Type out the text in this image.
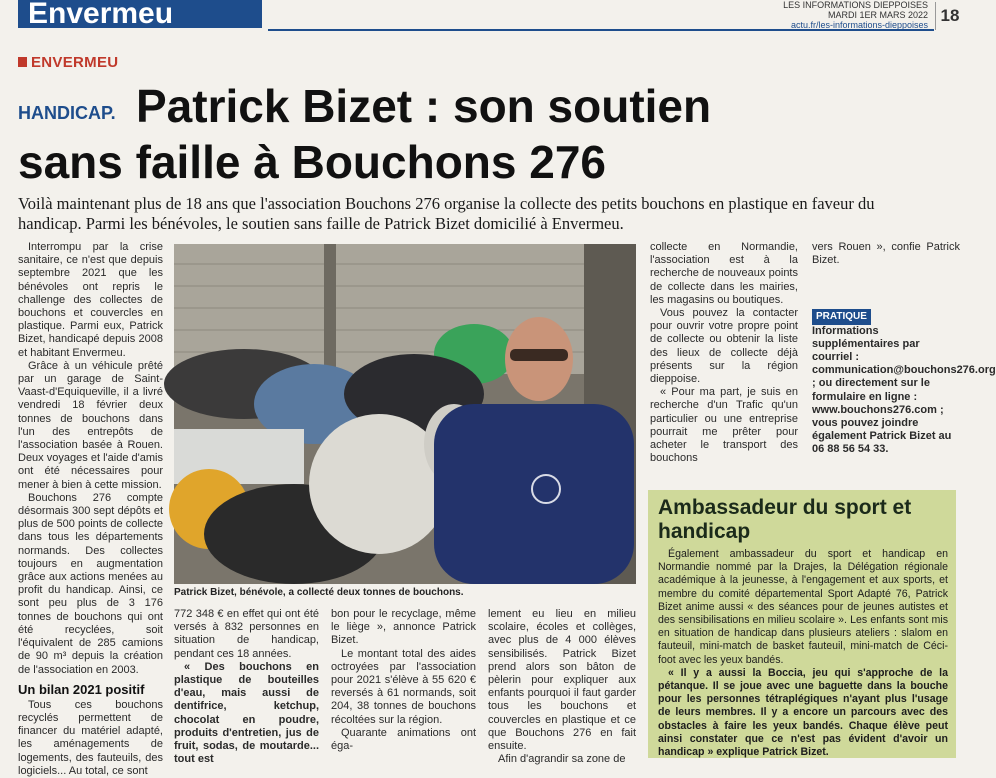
Envermeu	LES INFORMATIONS DIEPPOISES
MARDI 1ER MARS 2022
actu.fr/les-informations-dieppoises 18
ENVERMEU
HANDICAP. Patrick Bizet : son soutien
sans faille à Bouchons 276
Voilà maintenant plus de 18 ans que l'association Bouchons 276 organise la collecte des petits bouchons en plastique en faveur du handicap. Parmi les bénévoles, le soutien sans faille de Patrick Bizet domicilié à Envermeu.

Interrompu par la crise sanitaire, ce n'est que depuis septembre 2021 que les bénévoles ont repris le challenge des collectes de bouchons et couvercles en plastique. Parmi eux, Patrick Bizet, handicapé depuis 2008 et habitant Envermeu.

Grâce à un véhicule prêté par un garage de Saint-Vaast-d'Equiqueville, il a livré vendredi 18 février deux tonnes de bouchons dans l'un des entrepôts de l'association basée à Rouen. Deux voyages et l'aide d'amis ont été nécessaires pour mener à bien à cette mission.

Bouchons 276 compte désormais 300 sept dépôts et plus de 500 points de collecte dans tous les départements normands. Des collectes toujours en augmentation grâce aux actions menées au profit du handicap. Ainsi, ce sont peu plus de 3 176 tonnes de bouchons qui ont été recyclées, soit l'équivalent de 285 camions de 90 m³ depuis la création de l'association en 2003.

Un bilan 2021 positif

Tous ces bouchons recyclés permettent de financer du matériel adapté, les aménagements de logements, des fauteuils, des logiciels... Au total, ce sont

Patrick Bizet, bénévole, a collecté deux tonnes de bouchons.

772 348 € en effet qui ont été versés à 832 personnes en situation de handicap, pendant ces 18 années.

« Des bouchons en plastique de bouteilles d'eau, mais aussi de dentifrice, ketchup, chocolat en poudre, produits d'entretien, jus de fruit, sodas, de moutarde... tout est

bon pour le recyclage, même le liège », annonce Patrick Bizet.

Le montant total des aides octroyées par l'association pour 2021 s'élève à 55 620 € reversés à 61 normands, soit 204, 38 tonnes de bouchons récoltées sur la région.

Quarante animations ont éga-

lement eu lieu en milieu scolaire, écoles et collèges, avec plus de 4 000 élèves sensibilisés. Patrick Bizet prend alors son bâton de pèlerin pour expliquer aux enfants pourquoi il faut garder tous les bouchons et couvercles en plastique et ce que Bouchons 276 en fait ensuite.

Afin d'agrandir sa zone de

collecte en Normandie, l'association est à la recherche de nouveaux points de collecte dans les mairies, les magasins ou boutiques.

Vous pouvez la contacter pour ouvrir votre propre point de collecte ou obtenir la liste des lieux de collecte déjà présents sur la région dieppoise.

« Pour ma part, je suis en recherche d'un Trafic qu'un particulier ou une entreprise pourrait me prêter pour acheter le transport des bouchons

vers Rouen », confie Patrick Bizet.

PRATIQUE

Informations supplémentaires par courriel : communication@bouchons276.org ; ou directement sur le formulaire en ligne : www.bouchons276.com ; vous pouvez joindre également Patrick Bizet au 06 88 56 54 33.

Ambassadeur du sport et handicap

Également ambassadeur du sport et handicap en Normandie nommé par la Drajes, la Délégation régionale académique à la jeunesse, à l'engagement et aux sports, et membre du comité départemental Sport Adapté 76, Patrick Bizet anime aussi « des séances pour de jeunes autistes et des sensibilisations en milieu scolaire ». Les enfants sont mis en situation de handicap dans plusieurs ateliers : slalom en fauteuil, mini-match de basket fauteuil, mini-match de Céci-foot avec les yeux bandés.

« Il y a aussi la Boccia, jeu qui s'approche de la pétanque. Il se joue avec une baguette dans la bouche pour les personnes tétraplégiques n'ayant plus l'usage de leurs membres. Il y a encore un parcours avec des obstacles à faire les yeux bandés. Chaque élève peut ainsi constater que ce n'est pas évident d'avoir un handicap » explique Patrick Bizet.
